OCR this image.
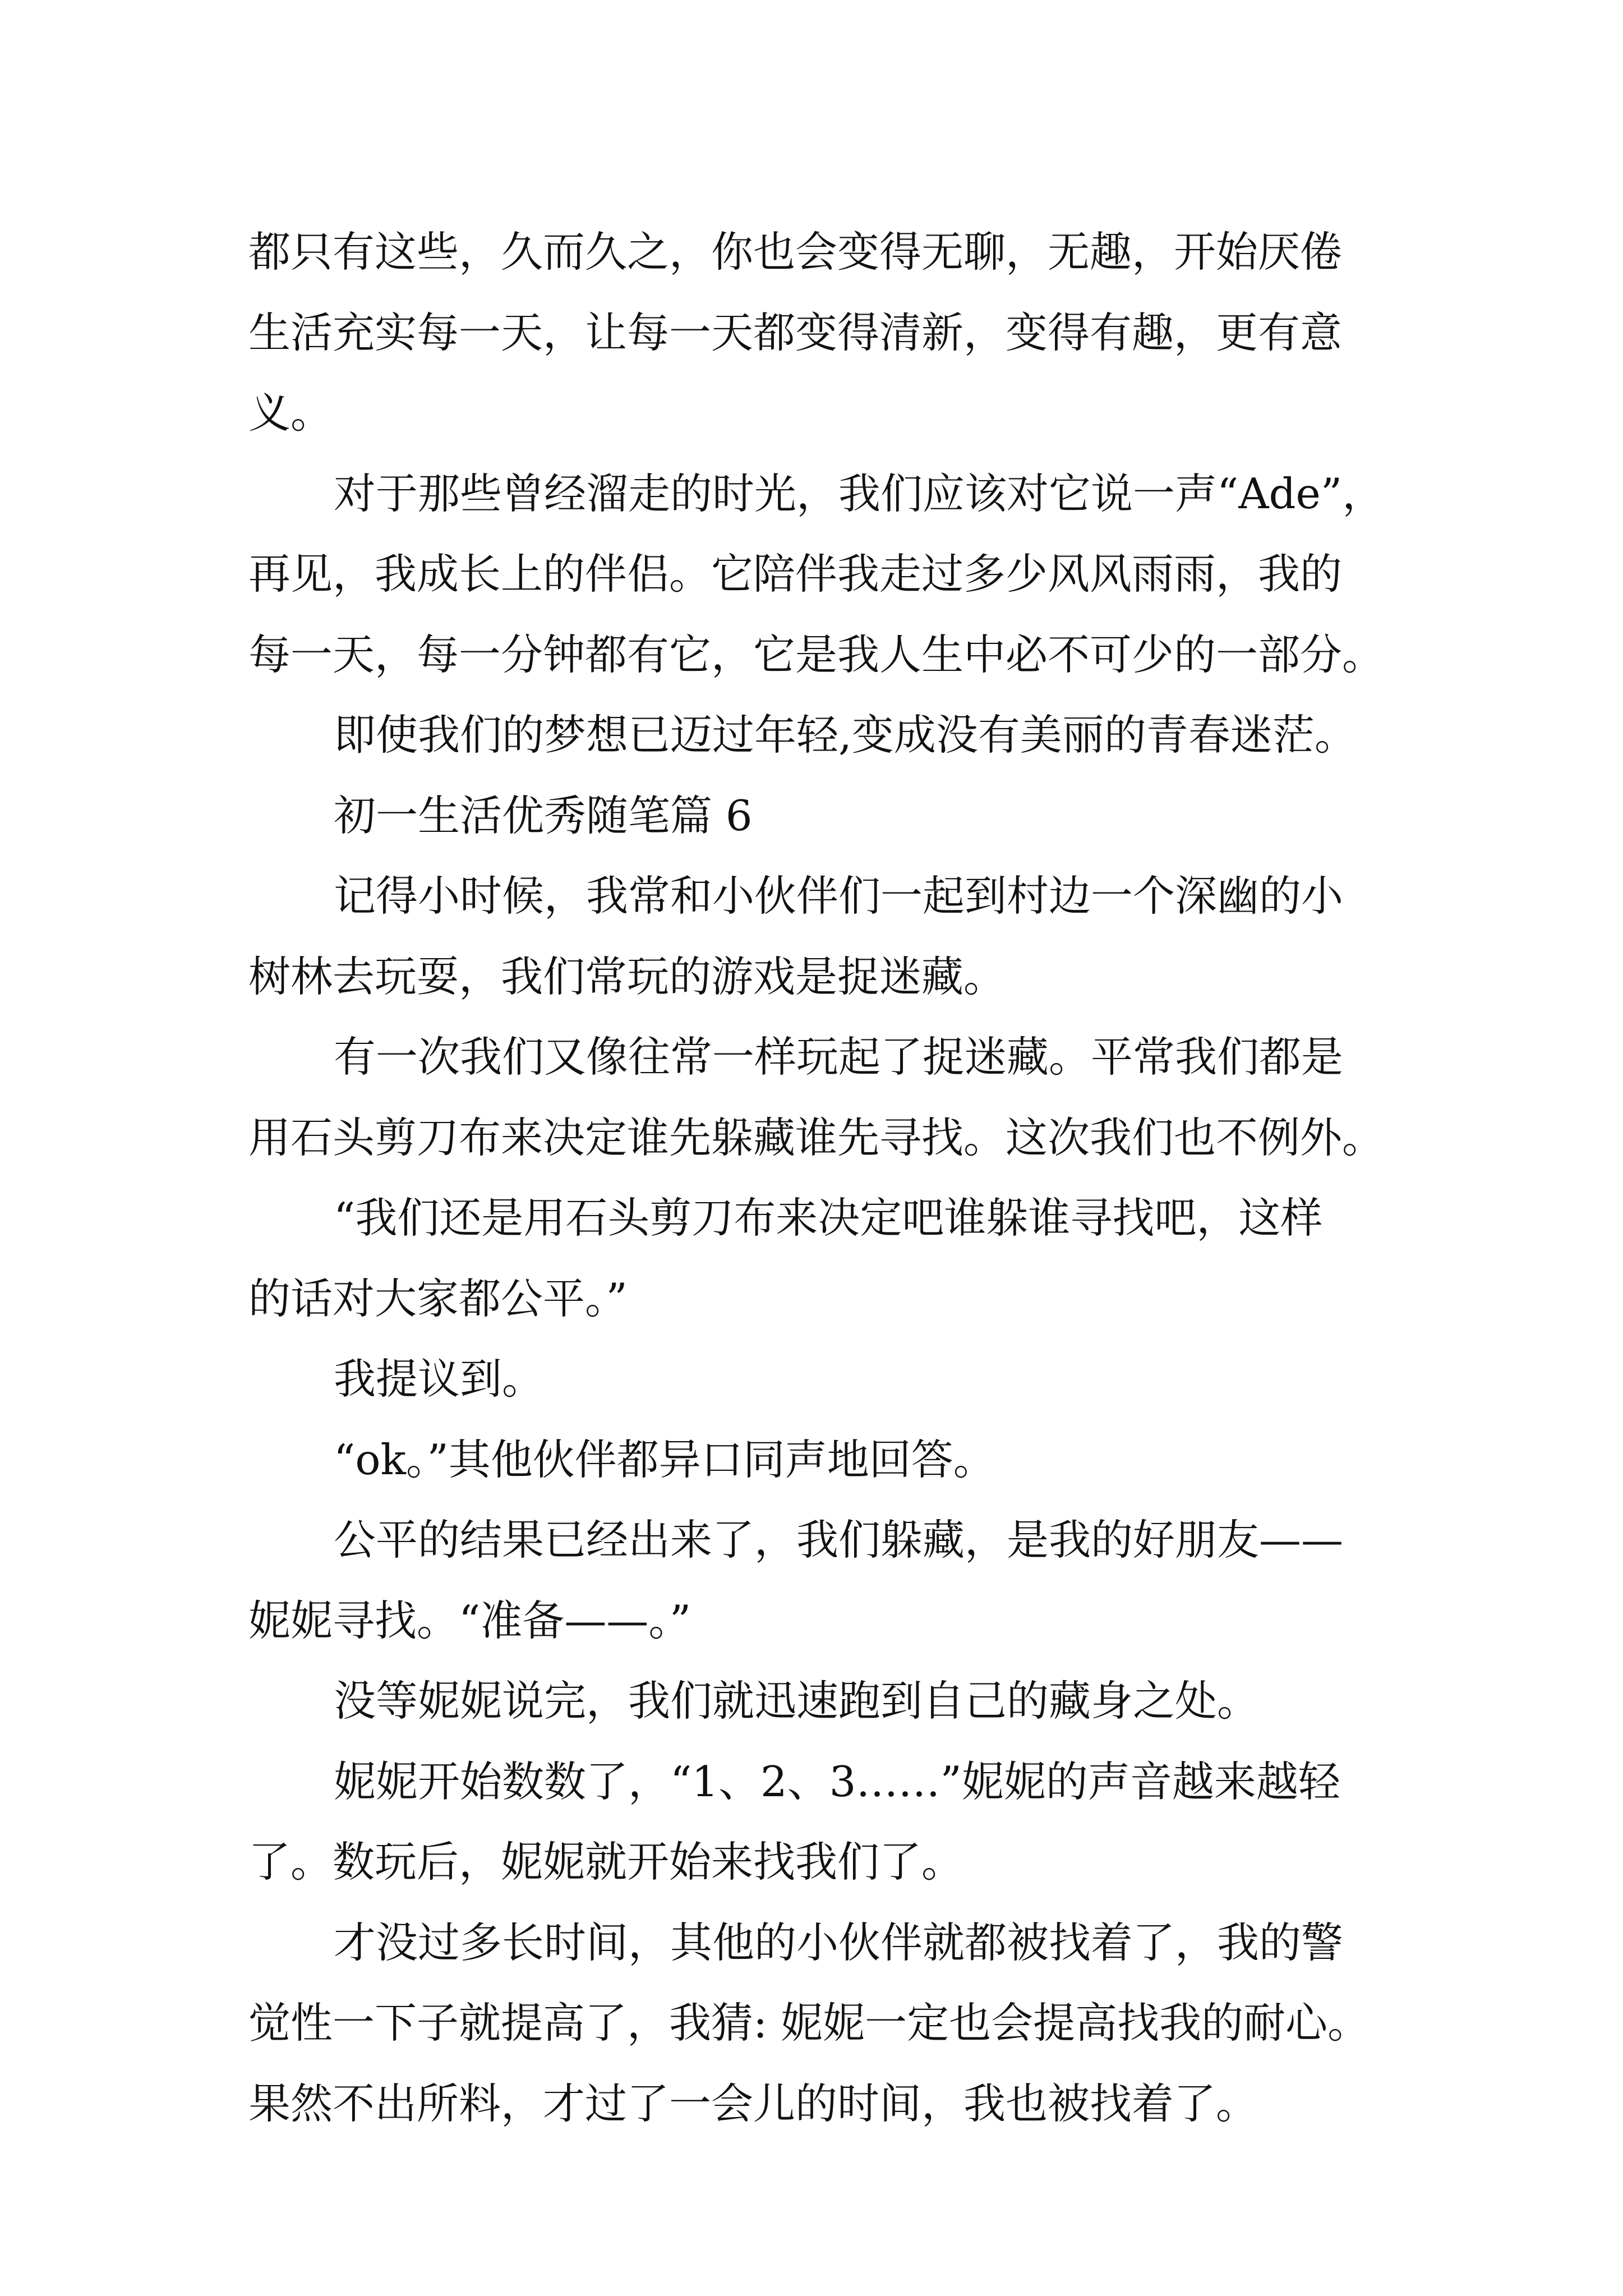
都只有这些，久而久之，你也会变得无聊，无趣，开始厌倦

生活充实每一天，让每一天都变得清新，变得有趣，更有意

义。

对于那些曾经溜走的时光，我们应该对它说一声“Ade”，

再见，我成长上的伴侣。它陪伴我走过多少风风雨雨，我的

每一天，每一分钟都有它，它是我人生中必不可少的一部分。

即使我们的梦想已迈过年轻,变成没有美丽的青春迷茫。

初一生活优秀随笔篇 6

记得小时候，我常和小伙伴们一起到村边一个深幽的小

树林去玩耍，我们常玩的游戏是捉迷藏。

有一次我们又像往常一样玩起了捉迷藏。平常我们都是

用石头剪刀布来决定谁先躲藏谁先寻找。这次我们也不例外。

“我们还是用石头剪刀布来决定吧谁躲谁寻找吧，这样

的话对大家都公平。”

我提议到。

“ok。”其他伙伴都异口同声地回答。

公平的结果已经出来了，我们躲藏，是我的好朋友——

妮妮寻找。“准备——。”

没等妮妮说完，我们就迅速跑到自己的藏身之处。

妮妮开始数数了，“1、2、3……”妮妮的声音越来越轻

了。数玩后，妮妮就开始来找我们了。

才没过多长时间，其他的小伙伴就都被找着了，我的警

觉性一下子就提高了，我猜: 妮妮一定也会提高找我的耐心。

果然不出所料，才过了一会儿的时间，我也被找着了。
